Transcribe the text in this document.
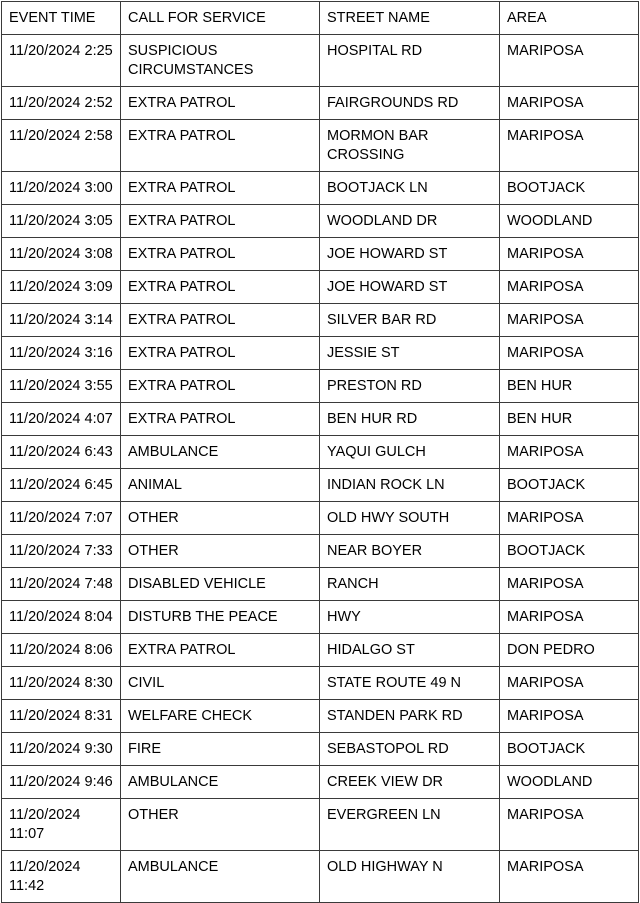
EVENT TIME	CALL FOR SERVICE	STREET NAME	AREA
11/20/2024 2:25	SUSPICIOUS CIRCUMSTANCES	HOSPITAL RD	MARIPOSA
11/20/2024 2:52	EXTRA PATROL	FAIRGROUNDS RD	MARIPOSA
11/20/2024 2:58	EXTRA PATROL	MORMON BAR CROSSING	MARIPOSA
11/20/2024 3:00	EXTRA PATROL	BOOTJACK LN	BOOTJACK
11/20/2024 3:05	EXTRA PATROL	WOODLAND DR	WOODLAND
11/20/2024 3:08	EXTRA PATROL	JOE HOWARD ST	MARIPOSA
11/20/2024 3:09	EXTRA PATROL	JOE HOWARD ST	MARIPOSA
11/20/2024 3:14	EXTRA PATROL	SILVER BAR RD	MARIPOSA
11/20/2024 3:16	EXTRA PATROL	JESSIE ST	MARIPOSA
11/20/2024 3:55	EXTRA PATROL	PRESTON RD	BEN HUR
11/20/2024 4:07	EXTRA PATROL	BEN HUR RD	BEN HUR
11/20/2024 6:43	AMBULANCE	YAQUI GULCH	MARIPOSA
11/20/2024 6:45	ANIMAL	INDIAN ROCK LN	BOOTJACK
11/20/2024 7:07	OTHER	OLD HWY SOUTH	MARIPOSA
11/20/2024 7:33	OTHER	NEAR BOYER	BOOTJACK
11/20/2024 7:48	DISABLED VEHICLE	RANCH	MARIPOSA
11/20/2024 8:04	DISTURB THE PEACE	HWY	MARIPOSA
11/20/2024 8:06	EXTRA PATROL	HIDALGO ST	DON PEDRO
11/20/2024 8:30	CIVIL	STATE ROUTE 49 N	MARIPOSA
11/20/2024 8:31	WELFARE CHECK	STANDEN PARK RD	MARIPOSA
11/20/2024 9:30	FIRE	SEBASTOPOL RD	BOOTJACK
11/20/2024 9:46	AMBULANCE	CREEK VIEW DR	WOODLAND
11/20/2024 11:07	OTHER	EVERGREEN LN	MARIPOSA
11/20/2024 11:42	AMBULANCE	OLD HIGHWAY N	MARIPOSA
